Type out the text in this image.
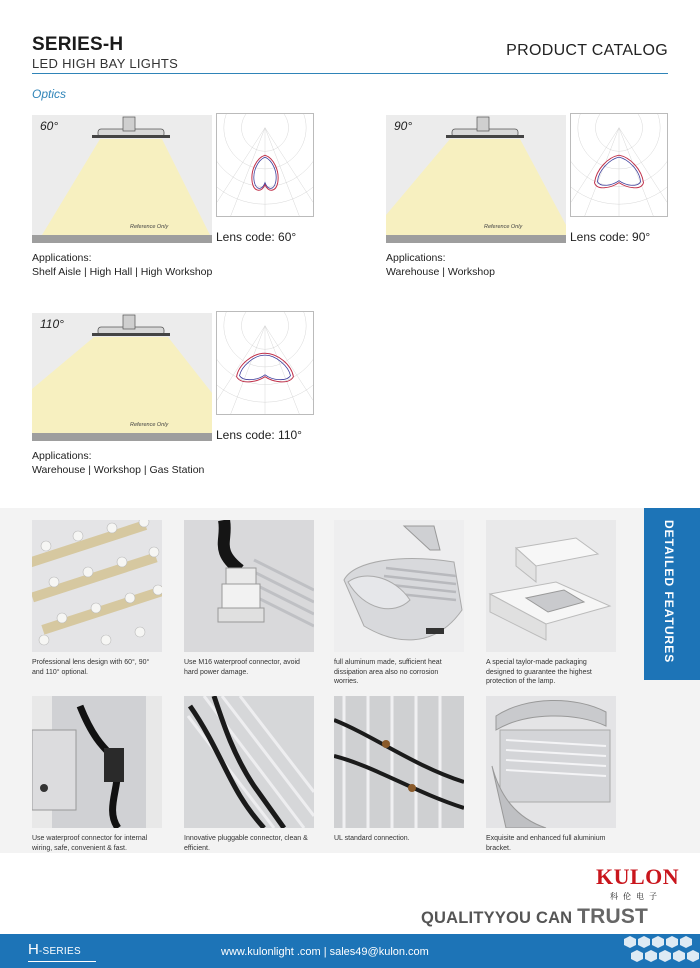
SERIES-H
LED HIGH BAY LIGHTS
PRODUCT CATALOG
Optics
60°
Reference Only
Lens code: 60°
Applications:
Shelf Aisle | High Hall | High Workshop
90°
Reference Only
Lens code: 90°
Applications:
Warehouse | Workshop
110°
Reference Only
Lens code: 110°
Applications:
Warehouse | Workshop | Gas Station
DETAILED FEATURES
Professional lens design with 60°, 90° and 110° optional.
Use M16 waterproof connector, avoid hard power damage.
full aluminum made, sufficient heat dissipation area also no corrosion worries.
A special taylor-made packaging designed to guarantee the highest protection of the lamp.
Use waterproof connector for internal wiring, safe, convenient & fast.
Innovative pluggable connector, clean & efficient.
UL standard connection.	Exquisite and enhanced full aluminium bracket.
KULON
科伦电子
QUALITYYOU CAN TRUST
H-SERIES	www.kulonlight .com | sales49@kulon.com
